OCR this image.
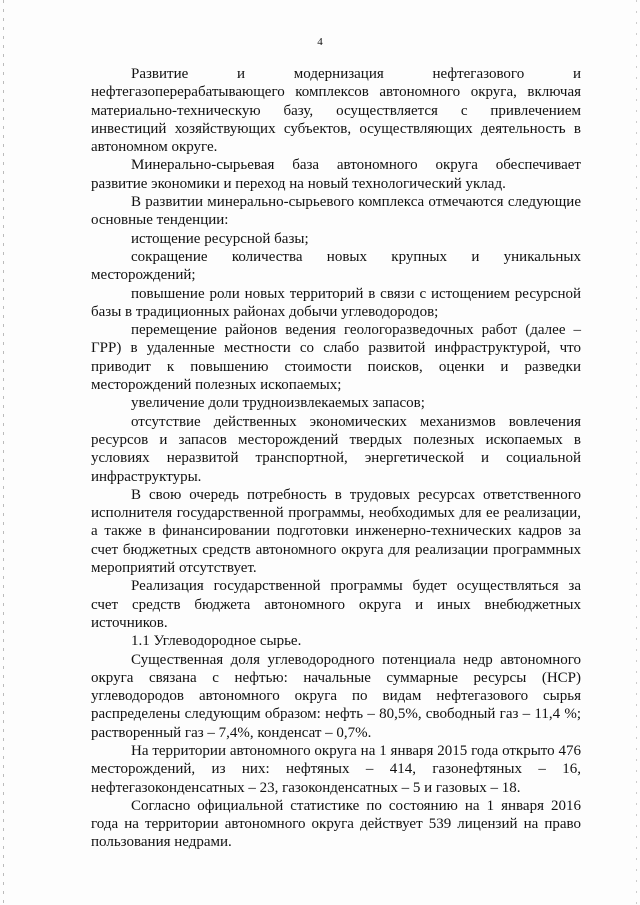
4

Развитие и модернизация нефтегазового и нефтегазоперерабатывающего комплексов автономного округа, включая материально-техническую базу, осуществляется с привлечением инвестиций хозяйствующих субъектов, осуществляющих деятельность в автономном округе.

Минерально-сырьевая база автономного округа обеспечивает развитие экономики и переход на новый технологический уклад.

В развитии минерально-сырьевого комплекса отмечаются следующие основные тенденции:

истощение ресурсной базы;

сокращение количества новых крупных и уникальных месторождений;

повышение роли новых территорий в связи с истощением ресурсной базы в традиционных районах добычи углеводородов;

перемещение районов ведения геологоразведочных работ (далее – ГРР) в удаленные местности со слабо развитой инфраструктурой, что приводит к повышению стоимости поисков, оценки и разведки месторождений полезных ископаемых;

увеличение доли трудноизвлекаемых запасов;

отсутствие действенных экономических механизмов вовлечения ресурсов и запасов месторождений твердых полезных ископаемых в условиях неразвитой транспортной, энергетической и социальной инфраструктуры.

В свою очередь потребность в трудовых ресурсах ответственного исполнителя государственной программы, необходимых для ее реализации, а также в финансировании подготовки инженерно-технических кадров за счет бюджетных средств автономного округа для реализации программных мероприятий отсутствует.

Реализация государственной программы будет осуществляться за счет средств бюджета автономного округа и иных внебюджетных источников.

1.1 Углеводородное сырье.

Существенная доля углеводородного потенциала недр автономного округа связана с нефтью: начальные суммарные ресурсы (НСР) углеводородов автономного округа по видам нефтегазового сырья распределены следующим образом: нефть – 80,5%, свободный газ – 11,4 %; растворенный газ – 7,4%, конденсат – 0,7%.

На территории автономного округа на 1 января 2015 года открыто 476 месторождений, из них: нефтяных – 414, газонефтяных – 16, нефтегазоконденсатных – 23, газоконденсатных – 5 и газовых – 18.

Согласно официальной статистике по состоянию на 1 января 2016 года на территории автономного округа действует 539 лицензий на право пользования недрами.
